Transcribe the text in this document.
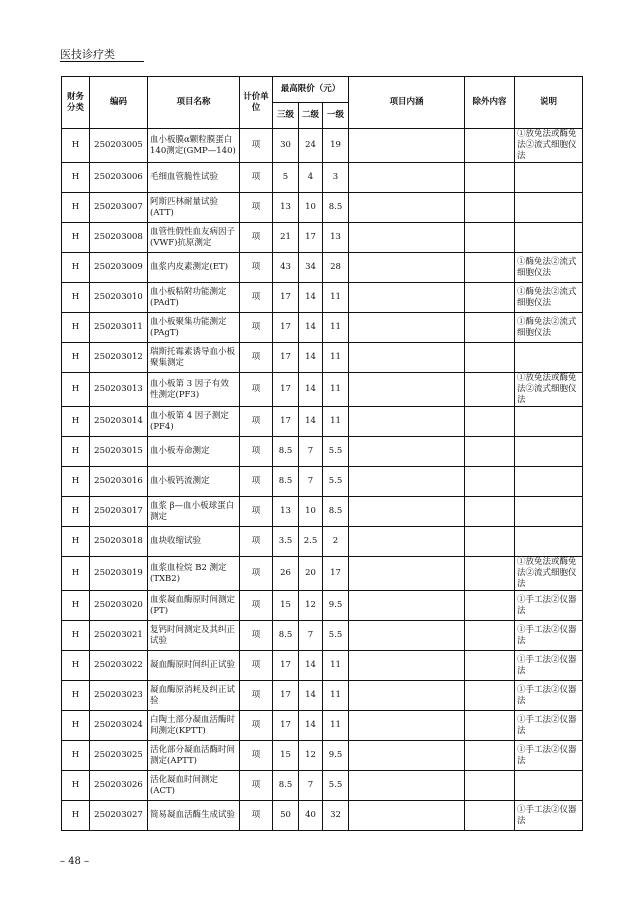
医技诊疗类
财务分类	编码	项目名称	计价单位	最高限价（元）			项目内涵	除外内容	说明
				三级	二级	一级			
H	250203005	血小板膜α颗粒膜蛋白140测定(GMP—140)	项	30	24	19			①放免法或酶免法②流式细胞仪法
H	250203006	毛细血管脆性试验	项	5	4	3			
H	250203007	阿斯匹林耐量试验(ATT)	项	13	10	8.5			
H	250203008	血管性假性血友病因子(VWF)抗原测定	项	21	17	13			
H	250203009	血浆内皮素测定(ET)	项	43	34	28			①酶免法②流式细胞仪法
H	250203010	血小板粘附功能测定(PAdT)	项	17	14	11			①酶免法②流式细胞仪法
H	250203011	血小板聚集功能测定(PAgT)	项	17	14	11			①酶免法②流式细胞仪法
H	250203012	瑞斯托霉素诱导血小板聚集测定	项	17	14	11			
H	250203013	血小板第 3 因子有效性测定(PF3)	项	17	14	11			①放免法或酶免法②流式细胞仪法
H	250203014	血小板第 4 因子测定(PF4)	项	17	14	11			
H	250203015	血小板寿命测定	项	8.5	7	5.5			
H	250203016	血小板钙流测定	项	8.5	7	5.5			
H	250203017	血浆 β—血小板球蛋白测定	项	13	10	8.5			
H	250203018	血块收缩试验	项	3.5	2.5	2			
H	250203019	血浆血栓烷 B2 测定(TXB2)	项	26	20	17			①放免法或酶免法②流式细胞仪法
H	250203020	血浆凝血酶原时间测定(PT)	项	15	12	9.5			①手工法②仪器法
H	250203021	复钙时间测定及其纠正试验	项	8.5	7	5.5			①手工法②仪器法
H	250203022	凝血酶原时间纠正试验	项	17	14	11			①手工法②仪器法
H	250203023	凝血酶原消耗及纠正试验	项	17	14	11			①手工法②仪器法
H	250203024	白陶土部分凝血活酶时间测定(KPTT)	项	17	14	11			①手工法②仪器法
H	250203025	活化部分凝血活酶时间测定(APTT)	项	15	12	9.5			①手工法②仪器法
H	250203026	活化凝血时间测定(ACT)	项	8.5	7	5.5			
H	250203027	简易凝血活酶生成试验	项	50	40	32			①手工法②仪器法
– 48 –
